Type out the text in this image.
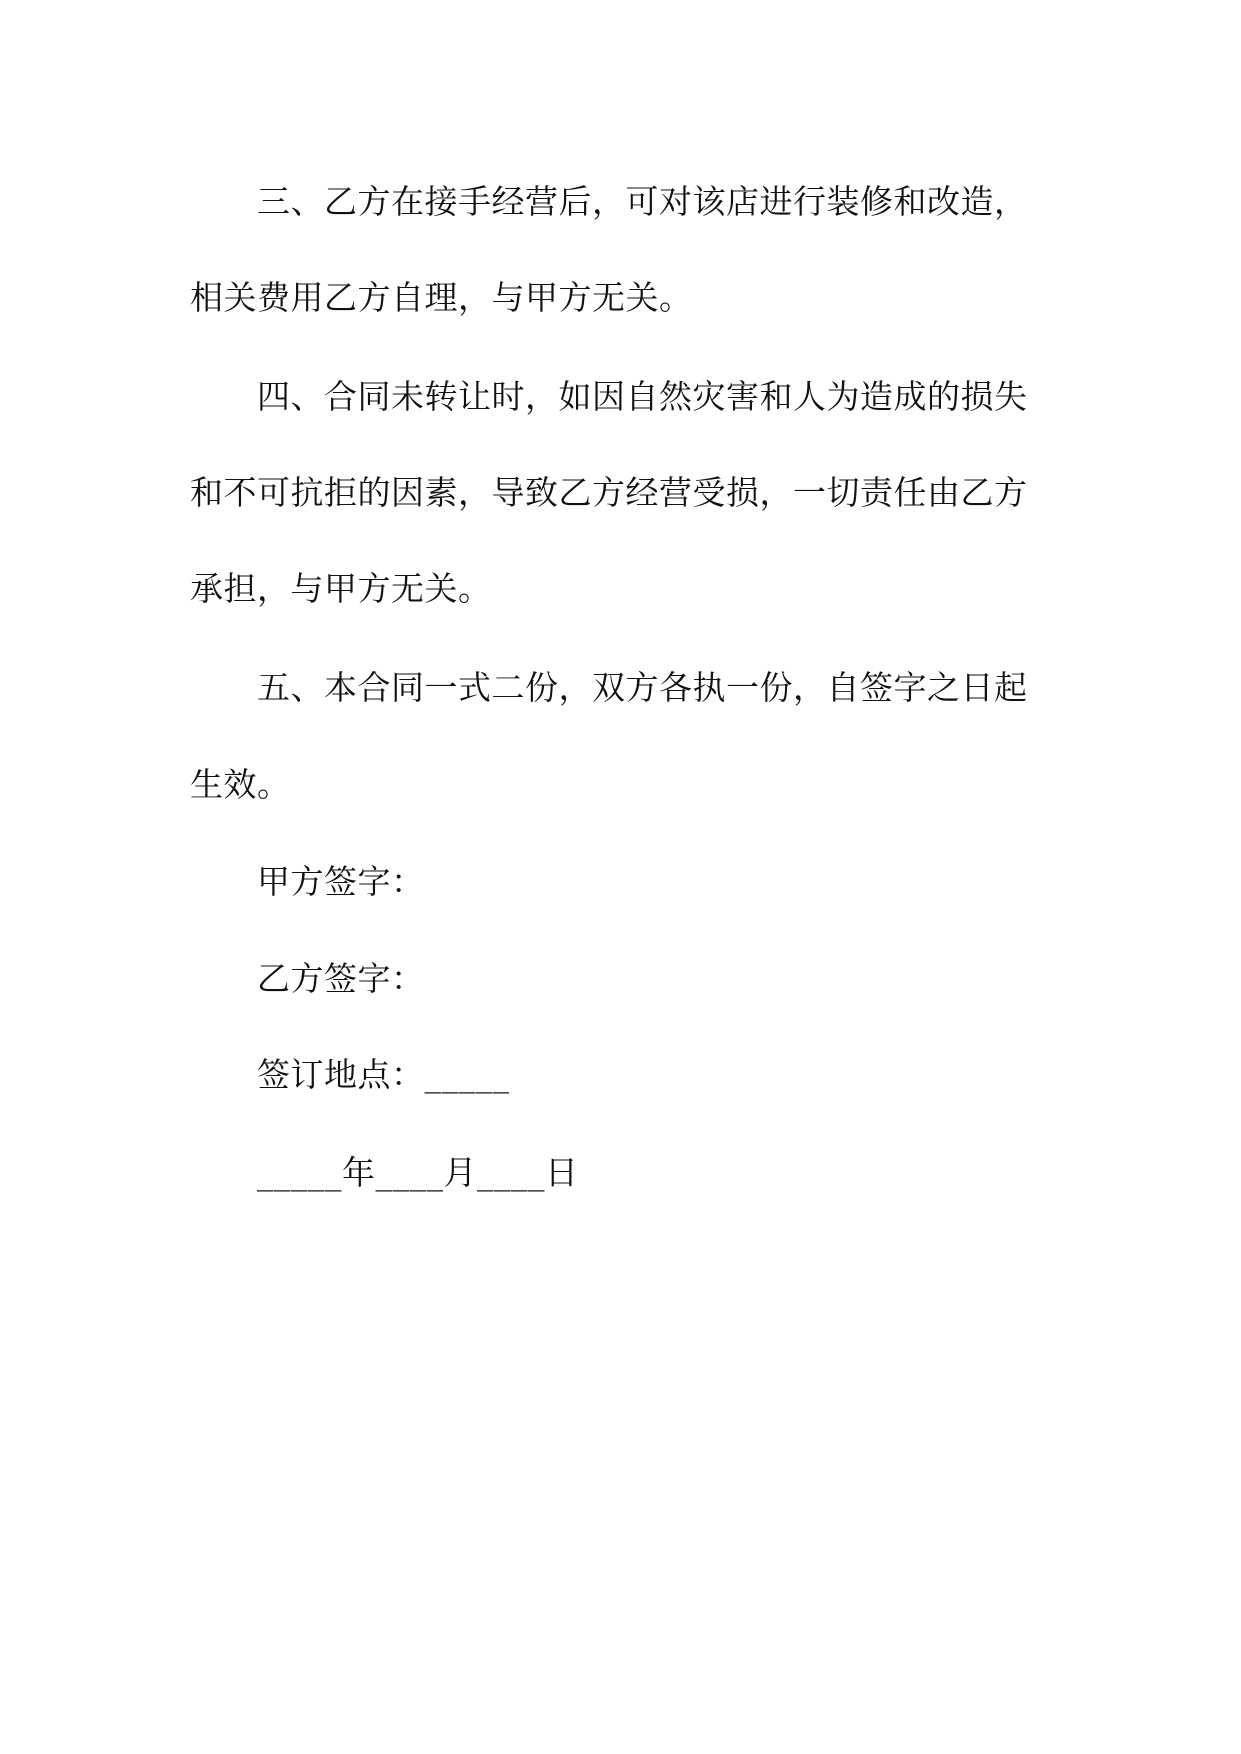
三、乙方在接手经营后，可对该店进行装修和改造，
相关费用乙方自理，与甲方无关。
四、合同未转让时，如因自然灾害和人为造成的损失
和不可抗拒的因素，导致乙方经营受损，一切责任由乙方
承担，与甲方无关。
五、本合同一式二份，双方各执一份，自签字之日起
生效。
甲方签字：
乙方签字：
签订地点：_____
_____年____月____日
